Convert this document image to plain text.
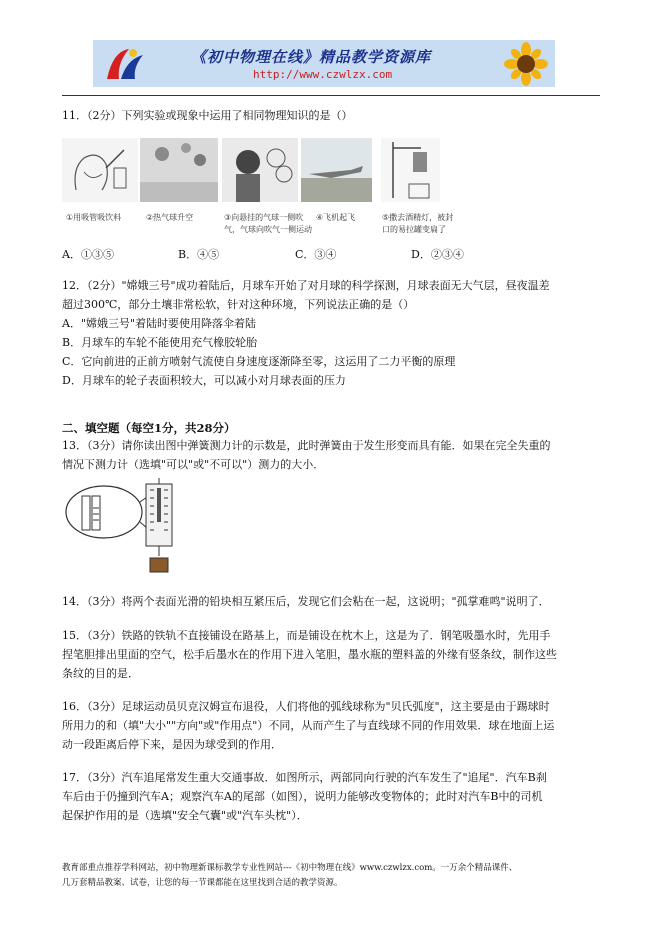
《初中物理在线》精品教学资源库
http://www.czwlzx.com
11．（2分）下列实验或现象中运用了相同物理知识的是（）
①用吸管吸饮料	②热气球升空	③向悬挂的气球一侧吹
气，气球向吹气一侧运动
④飞机起飞	⑤撒去酒精灯，被封
口的易拉罐变扁了
A．①③⑤	B．④⑤	C．③④	D．②③④
12．（2分）"嫦娥三号"成功着陆后，月球车开始了对月球的科学探测，月球表面无大气层，昼夜温差
超过300℃，部分土壤非常松软，针对这种环境，下列说法正确的是（）
A．"嫦娥三号"着陆时要使用降落伞着陆
B．月球车的车轮不能使用充气橡胶轮胎
C．它向前进的正前方喷射气流使自身速度逐渐降至零，这运用了二力平衡的原理
D．月球车的轮子表面积较大，可以减小对月球表面的压力
二、填空题（每空1分，共28分）
13．（3分）请你读出图中弹簧测力计的示数是，此时弹簧由于发生形变而具有能．如果在完全失重的
情况下测力计（选填"可以"或"不可以"）测力的大小．
14．（3分）将两个表面光滑的铅块相互紧压后，发现它们会粘在一起，这说明；"孤掌难鸣"说明了．
15．（3分）铁路的铁轨不直接铺设在路基上，而是铺设在枕木上，这是为了．钢笔吸墨水时，先用手
捏笔胆排出里面的空气，松手后墨水在的作用下进入笔胆，墨水瓶的塑料盖的外缘有竖条纹，制作这些
条纹的目的是．
16．（3分）足球运动员贝克汉姆宣布退役，人们将他的弧线球称为"贝氏弧度"，这主要是由于踢球时
所用力的和（填"大小""方向"或"作用点"）不同，从而产生了与直线球不同的作用效果．球在地面上运
动一段距离后停下来，是因为球受到的作用．
17．（3分）汽车追尾常发生重大交通事故．如图所示，两部同向行驶的汽车发生了"追尾"．汽车B刹
车后由于仍撞到汽车A；观察汽车A的尾部（如图），说明力能够改变物体的；此时对汽车B中的司机
起保护作用的是（选填"安全气囊"或"汽车头枕"）．
教育部重点推荐学科网站，初中物理新课标教学专业性网站---《初中物理在线》www.czwlzx.com。一万余个精品课件、
几万套精品教案、试卷，让您的每一节课都能在这里找到合适的教学资源。
